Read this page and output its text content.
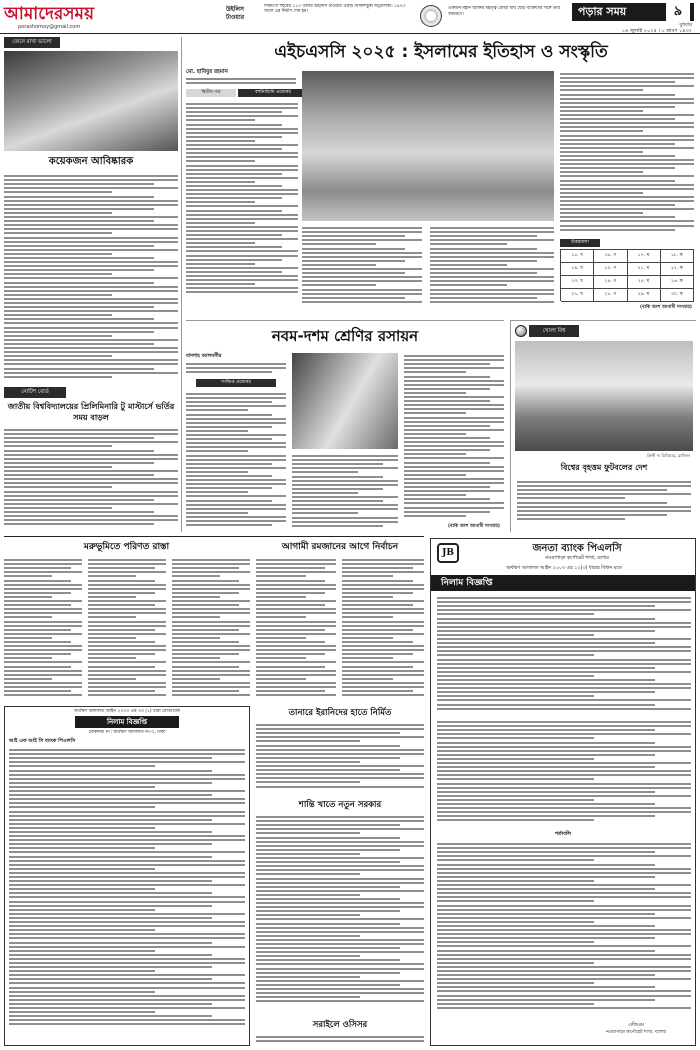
আমাদেরসময়
porashomoy@gmail.com
উইলিস টাওয়ার
শিকাগো শহরের ১১০ তলার উইলিস টাওয়ার একটি আকাশচুম্বী অট্টালিকা। ১৯৭৩ সালে এর নির্মাণ শেষ হয়।
একজন মহান ব্যক্তির মহত্ত্ব বোঝা যায় ছোট ব্যক্তিদের সঙ্গে তার আচরণে।	পড়ার সময়	৯
বুধবার
১৬ জুলাই ২০২৫ । ১ শ্রাবণ ১৪৩২
জেনে রাখা ভালো
কয়েকজন আবিষ্কারক
নোটিশ বোর্ড
জাতীয় বিশ্ববিদ্যালয়ের প্রিলিমিনারি টু মাস্টার্সে ভর্তির সময় বাড়ল
এইচএসসি ২০২৫ : ইসলামের ইতিহাস ও সংস্কৃতি
মো. হাবিবুর রহমান
দ্বিতীয় পত্র	বহুনির্বাচনি প্রশ্নোত্তর
উত্তরমালা
১৫. খ	১৬. গ	১৭. ঘ	১৮. ক
১৯. খ	২০. গ	২১. ঘ	২২. ক
২৩. খ	২৪. গ	২৫. ঘ	২৬. ক
২৭. খ	২৮. গ	২৯. ঘ	৩০. ক
(বাকি অংশ আগামী সংখ্যায়)
নবম-দশম শ্রেণির রসায়ন
বাদশাহ আলমগীর
সংক্ষিপ্ত প্রশ্নোত্তর
(বাকি অংশ আগামী সংখ্যায়)
খোলা বিশ্ব
ক্রিস্ট দ্য রিডিমার, ব্রাজিল
বিশ্বের বৃহত্তম ফুটবলের দেশ
মরুভূমিতে পরিণত রাস্তা	আগামী রমজানের আগে নির্বাচন
তানারে ইরানিদের হাতে নির্মিত
শান্তি খাতে নতুন সরকার
সরাইলে ওসিসর
অর্থঋণ আদালত আইন ২০০৩ এর ৩৩ (১) ধারা মোতাবেক
নিলাম বিজ্ঞপ্তি
মোকদ্দমা নং: অর্থঋণ আদালত নং-৩, ঢাকা
আই এফ আই সি ব্যাংক পিএলসি
JB	জনতা ব্যাংক পিএলসি
নওয়াপাড়া কর্পোরেট শাখা, যশোর
অর্থঋণ আদালত আইন ২০০৩ এর ১২(৩) ধারার বিধান মতে
নিলাম বিজ্ঞপ্তি
শর্তাবলি
এজিএম
নওয়াপাড়া কর্পোরেট শাখা, যশোর
